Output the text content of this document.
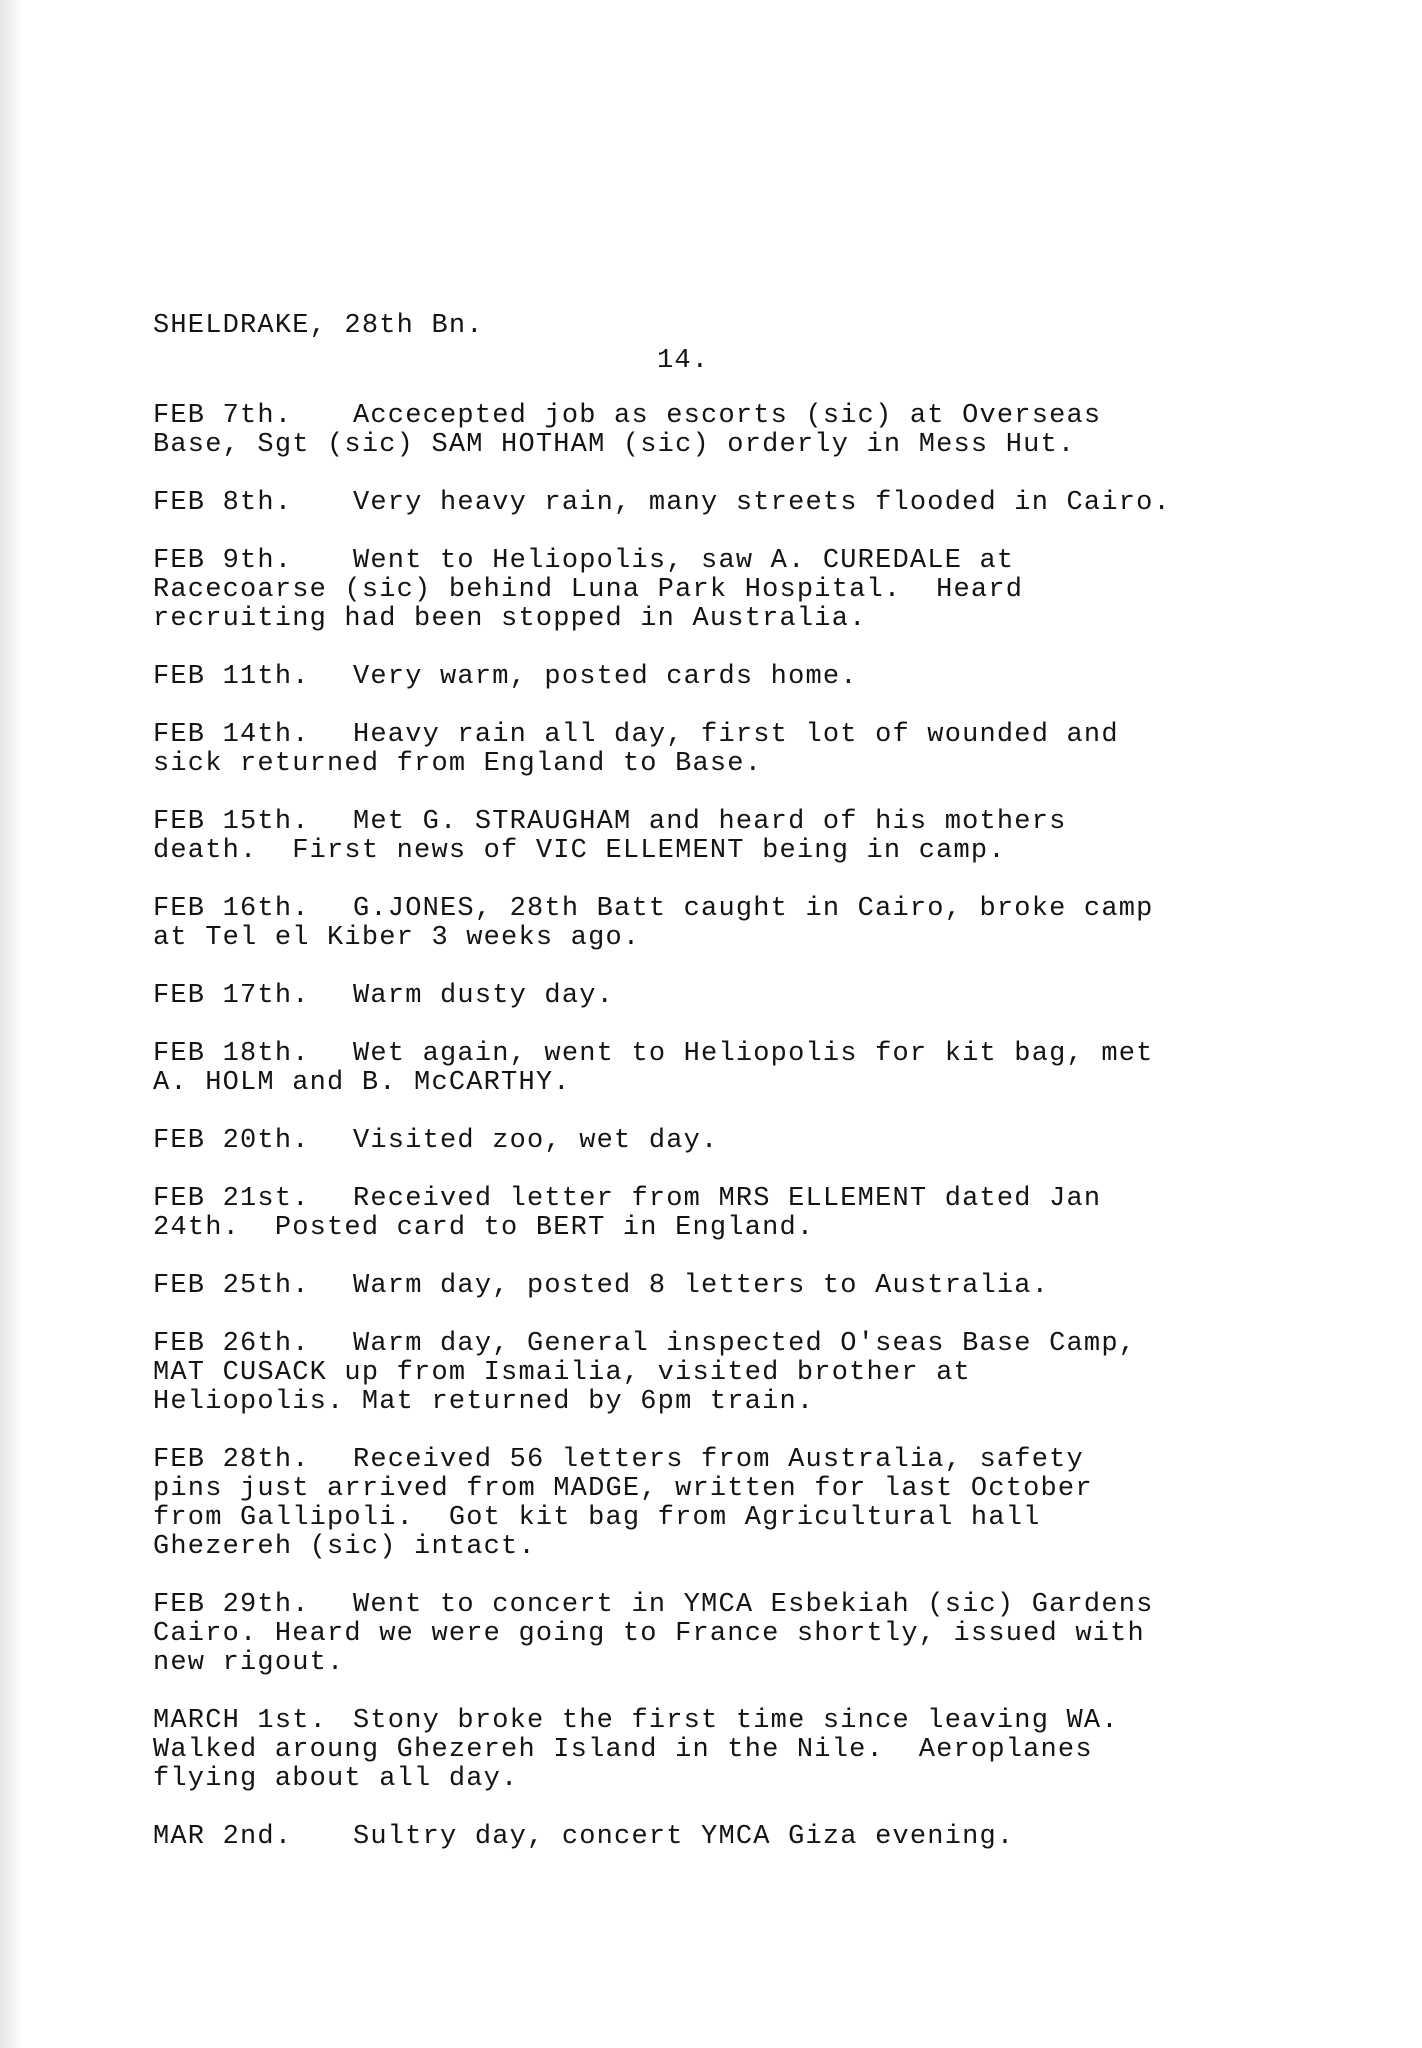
SHELDRAKE, 28th Bn.

14.

FEB 7th. Accecepted job as escorts (sic) at Overseas

Base, Sgt (sic) SAM HOTHAM (sic) orderly in Mess Hut.

FEB 8th. Very heavy rain, many streets flooded in Cairo.

FEB 9th. Went to Heliopolis, saw A. CUREDALE at

Racecoarse (sic) behind Luna Park Hospital.  Heard

recruiting had been stopped in Australia.

FEB 11th. Very warm, posted cards home.

FEB 14th. Heavy rain all day, first lot of wounded and

sick returned from England to Base.

FEB 15th. Met G. STRAUGHAM and heard of his mothers

death.  First news of VIC ELLEMENT being in camp.

FEB 16th. G.JONES, 28th Batt caught in Cairo, broke camp

at Tel el Kiber 3 weeks ago.

FEB 17th. Warm dusty day.

FEB 18th. Wet again, went to Heliopolis for kit bag, met

A. HOLM and B. McCARTHY.

FEB 20th. Visited zoo, wet day.

FEB 21st. Received letter from MRS ELLEMENT dated Jan

24th.  Posted card to BERT in England.

FEB 25th. Warm day, posted 8 letters to Australia.

FEB 26th. Warm day, General inspected O'seas Base Camp,

MAT CUSACK up from Ismailia, visited brother at

Heliopolis. Mat returned by 6pm train.

FEB 28th. Received 56 letters from Australia, safety

pins just arrived from MADGE, written for last October

from Gallipoli.  Got kit bag from Agricultural hall

Ghezereh (sic) intact.

FEB 29th. Went to concert in YMCA Esbekiah (sic) Gardens

Cairo. Heard we were going to France shortly, issued with

new rigout.

MARCH 1st. Stony broke the first time since leaving WA.

Walked aroung Ghezereh Island in the Nile.  Aeroplanes

flying about all day.

MAR 2nd. Sultry day, concert YMCA Giza evening.
